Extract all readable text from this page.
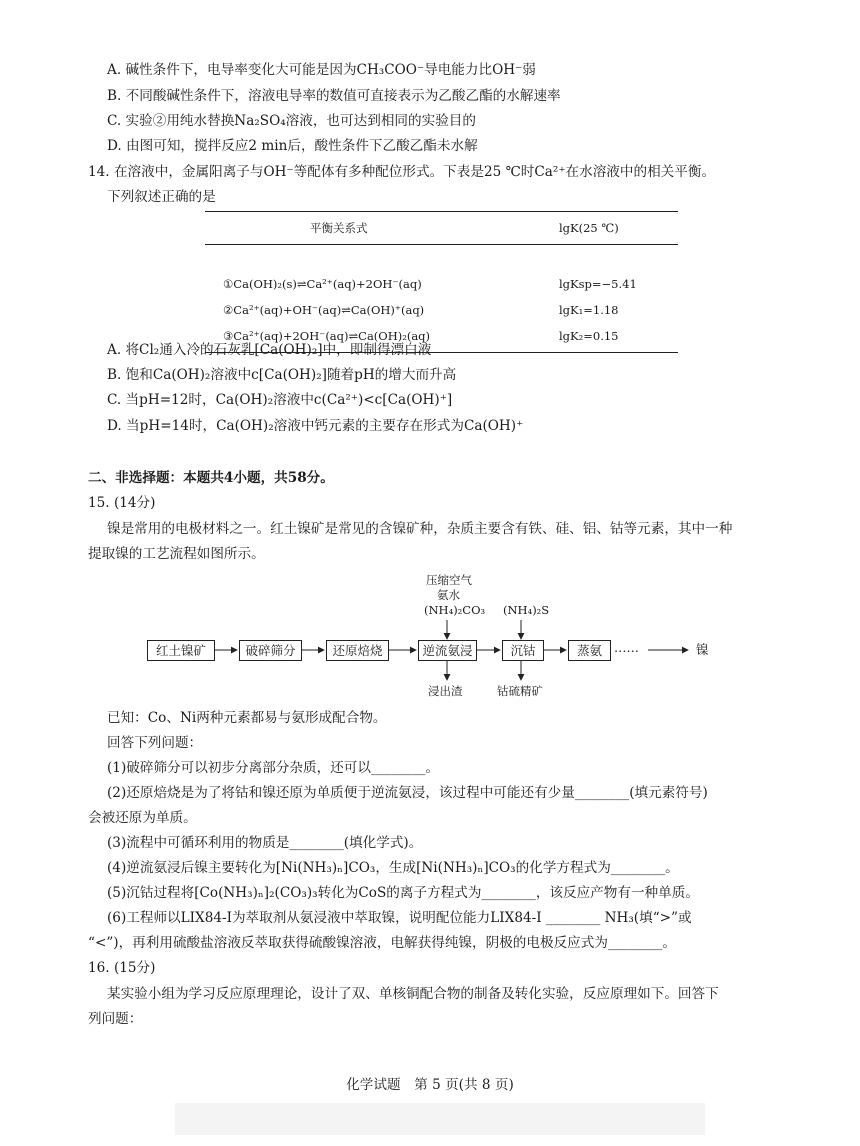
A. 碱性条件下，电导率变化大可能是因为CH₃COO⁻导电能力比OH⁻弱
B. 不同酸碱性条件下，溶液电导率的数值可直接表示为乙酸乙酯的水解速率
C. 实验②用纯水替换Na₂SO₄溶液，也可达到相同的实验目的
D. 由图可知，搅拌反应2 min后，酸性条件下乙酸乙酯未水解
14. 在溶液中，金属阳离子与OH⁻等配体有多种配位形式。下表是25 ℃时Ca²⁺在水溶液中的相关平衡。
下列叙述正确的是
平衡关系式	lgK(25 ℃)

①Ca(OH)₂(s)⇌Ca²⁺(aq)+2OH⁻(aq)	lgKsp=−5.41
②Ca²⁺(aq)+OH⁻(aq)⇌Ca(OH)⁺(aq)	lgK₁=1.18
③Ca²⁺(aq)+2OH⁻(aq)⇌Ca(OH)₂(aq)	lgK₂=0.15
A. 将Cl₂通入冷的石灰乳[Ca(OH)₂]中，即制得漂白液
B. 饱和Ca(OH)₂溶液中c[Ca(OH)₂]随着pH的增大而升高
C. 当pH=12时，Ca(OH)₂溶液中c(Ca²⁺)<c[Ca(OH)⁺]
D. 当pH=14时，Ca(OH)₂溶液中钙元素的主要存在形式为Ca(OH)⁺
二、非选择题：本题共4小题，共58分。
15. (14分)
镍是常用的电极材料之一。红土镍矿是常见的含镍矿种，杂质主要含有铁、硅、铝、钴等元素，其中一种
提取镍的工艺流程如图所示。
压缩空气
氨水
(NH₄)₂CO₃ (NH₄)₂S
红土镍矿	破碎筛分	还原焙烧	逆流氨浸	沉钴	蒸氨 ……	镍
浸出渣	钴硫精矿
已知：Co、Ni两种元素都易与氨形成配合物。
回答下列问题：
(1)破碎筛分可以初步分离部分杂质，还可以________。
(2)还原焙烧是为了将钴和镍还原为单质便于逆流氨浸，该过程中可能还有少量________(填元素符号)
会被还原为单质。
(3)流程中可循环利用的物质是________(填化学式)。
(4)逆流氨浸后镍主要转化为[Ni(NH₃)ₙ]CO₃，生成[Ni(NH₃)ₙ]CO₃的化学方程式为________。
(5)沉钴过程将[Co(NH₃)ₙ]₂(CO₃)₃转化为CoS的离子方程式为________，该反应产物有一种单质。
(6)工程师以LIX84-I为萃取剂从氨浸液中萃取镍，说明配位能力LIX84-I ________ NH₃(填“>”或
“<”)，再利用硫酸盐溶液反萃取获得硫酸镍溶液，电解获得纯镍，阴极的电极反应式为________。
16. (15分)
某实验小组为学习反应原理理论，设计了双、单核铜配合物的制备及转化实验，反应原理如下。回答下
列问题：
化学试题　第 5 页(共 8 页)
